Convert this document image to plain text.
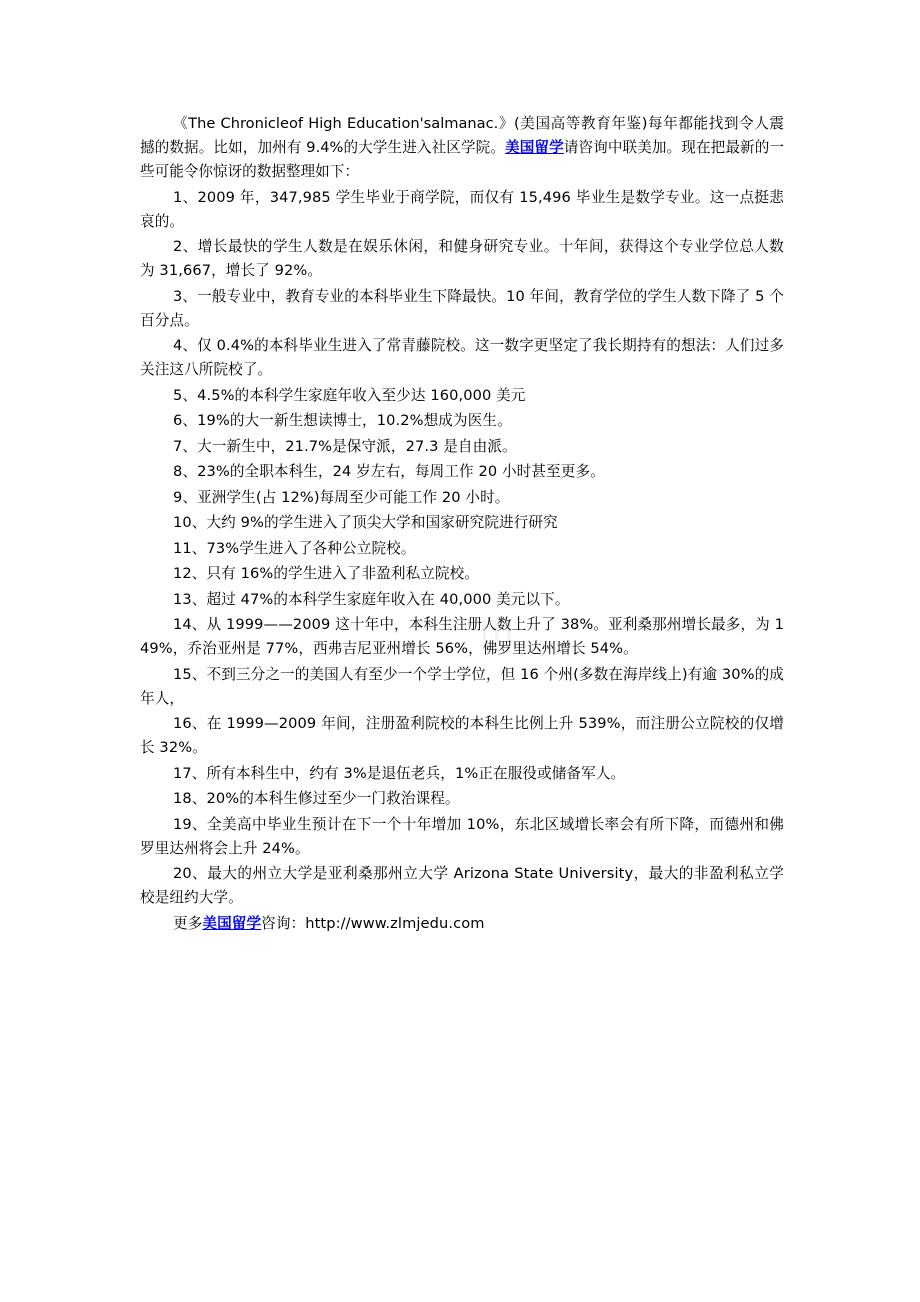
《The Chronicleof High Education'salmanac.》(美国高等教育年鉴)每年都能找到令人震撼的数据。比如，加州有 9.4%的大学生进入社区学院。美国留学请咨询中联美加。现在把最新的一些可能令你惊讶的数据整理如下：

1、2009 年，347,985 学生毕业于商学院，而仅有 15,496 毕业生是数学专业。这一点挺悲哀的。

2、增长最快的学生人数是在娱乐休闲，和健身研究专业。十年间，获得这个专业学位总人数为 31,667，增长了 92%。

3、一般专业中，教育专业的本科毕业生下降最快。10 年间，教育学位的学生人数下降了 5 个百分点。

4、仅 0.4%的本科毕业生进入了常青藤院校。这一数字更坚定了我长期持有的想法：人们过多关注这八所院校了。

5、4.5%的本科学生家庭年收入至少达 160,000 美元

6、19%的大一新生想读博士，10.2%想成为医生。

7、大一新生中，21.7%是保守派，27.3 是自由派。

8、23%的全职本科生，24 岁左右，每周工作 20 小时甚至更多。

9、亚洲学生(占 12%)每周至少可能工作 20 小时。

10、大约 9%的学生进入了顶尖大学和国家研究院进行研究

11、73%学生进入了各种公立院校。

12、只有 16%的学生进入了非盈利私立院校。

13、超过 47%的本科学生家庭年收入在 40,000 美元以下。

14、从 1999——2009 这十年中，本科生注册人数上升了 38%。亚利桑那州增长最多，为 149%，乔治亚州是 77%，西弗吉尼亚州增长 56%，佛罗里达州增长 54%。

15、不到三分之一的美国人有至少一个学士学位，但 16 个州(多数在海岸线上)有逾 30%的成年人，

16、在 1999—2009 年间，注册盈利院校的本科生比例上升 539%，而注册公立院校的仅增长 32%。

17、所有本科生中，约有 3%是退伍老兵，1%正在服役或储备军人。

18、20%的本科生修过至少一门救治课程。

19、全美高中毕业生预计在下一个十年增加 10%，东北区域增长率会有所下降，而德州和佛罗里达州将会上升 24%。

20、最大的州立大学是亚利桑那州立大学 Arizona State University，最大的非盈利私立学校是纽约大学。

更多美国留学咨询：http://www.zlmjedu.com
